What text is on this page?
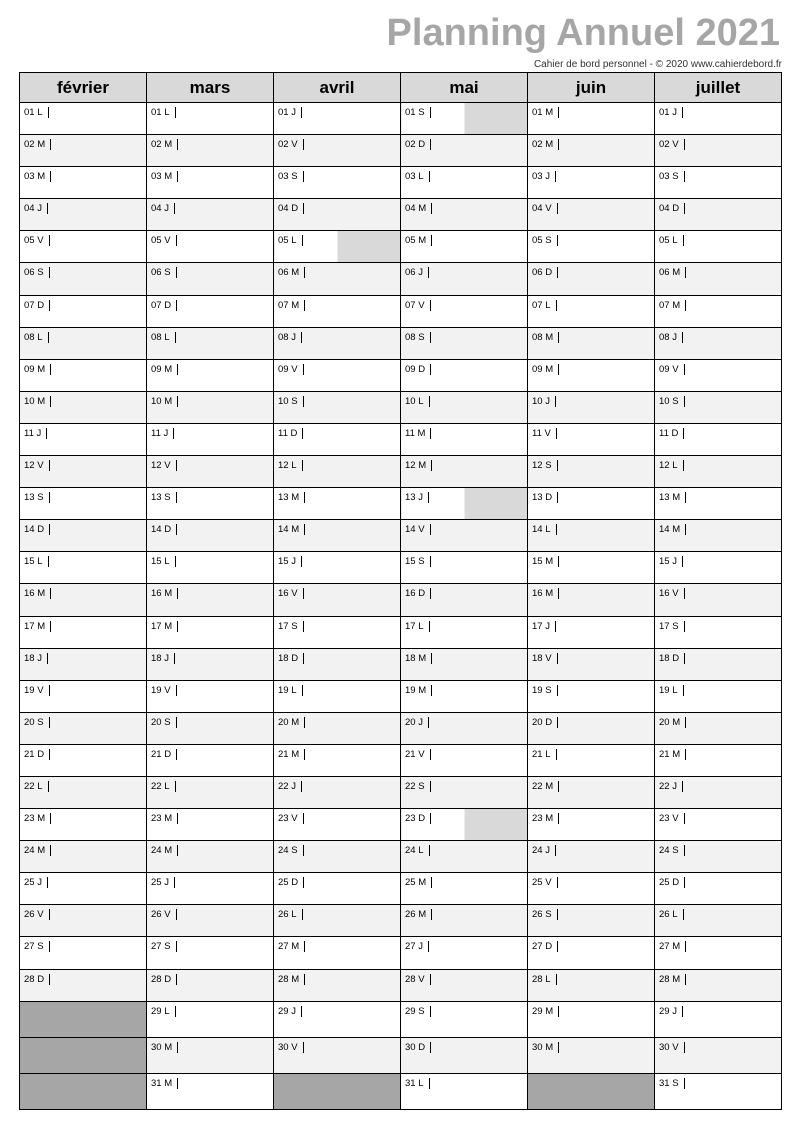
Planning Annuel 2021
Cahier de bord personnel - © 2020 www.cahierdebord.fr
février	mars	avril	mai	juin	juillet

01 L	01 L	01 J	01 S	01 M	01 J

02 M	02 M	02 V	02 D	02 M	02 V

03 M	03 M	03 S	03 L	03 J	03 S

04 J	04 J	04 D	04 M	04 V	04 D

05 V	05 V	05 L	05 M	05 S	05 L

06 S	06 S	06 M	06 J	06 D	06 M

07 D	07 D	07 M	07 V	07 L	07 M

08 L	08 L	08 J	08 S	08 M	08 J

09 M	09 M	09 V	09 D	09 M	09 V

10 M	10 M	10 S	10 L	10 J	10 S

11 J	11 J	11 D	11 M	11 V	11 D

12 V	12 V	12 L	12 M	12 S	12 L

13 S	13 S	13 M	13 J	13 D	13 M

14 D	14 D	14 M	14 V	14 L	14 M

15 L	15 L	15 J	15 S	15 M	15 J

16 M	16 M	16 V	16 D	16 M	16 V

17 M	17 M	17 S	17 L	17 J	17 S

18 J	18 J	18 D	18 M	18 V	18 D

19 V	19 V	19 L	19 M	19 S	19 L

20 S	20 S	20 M	20 J	20 D	20 M

21 D	21 D	21 M	21 V	21 L	21 M

22 L	22 L	22 J	22 S	22 M	22 J

23 M	23 M	23 V	23 D	23 M	23 V

24 M	24 M	24 S	24 L	24 J	24 S

25 J	25 J	25 D	25 M	25 V	25 D

26 V	26 V	26 L	26 M	26 S	26 L

27 S	27 S	27 M	27 J	27 D	27 M

28 D	28 D	28 M	28 V	28 L	28 M

	29 L	29 J	29 S	29 M	29 J

	30 M	30 V	30 D	30 M	30 V

	31 M		31 L		31 S
